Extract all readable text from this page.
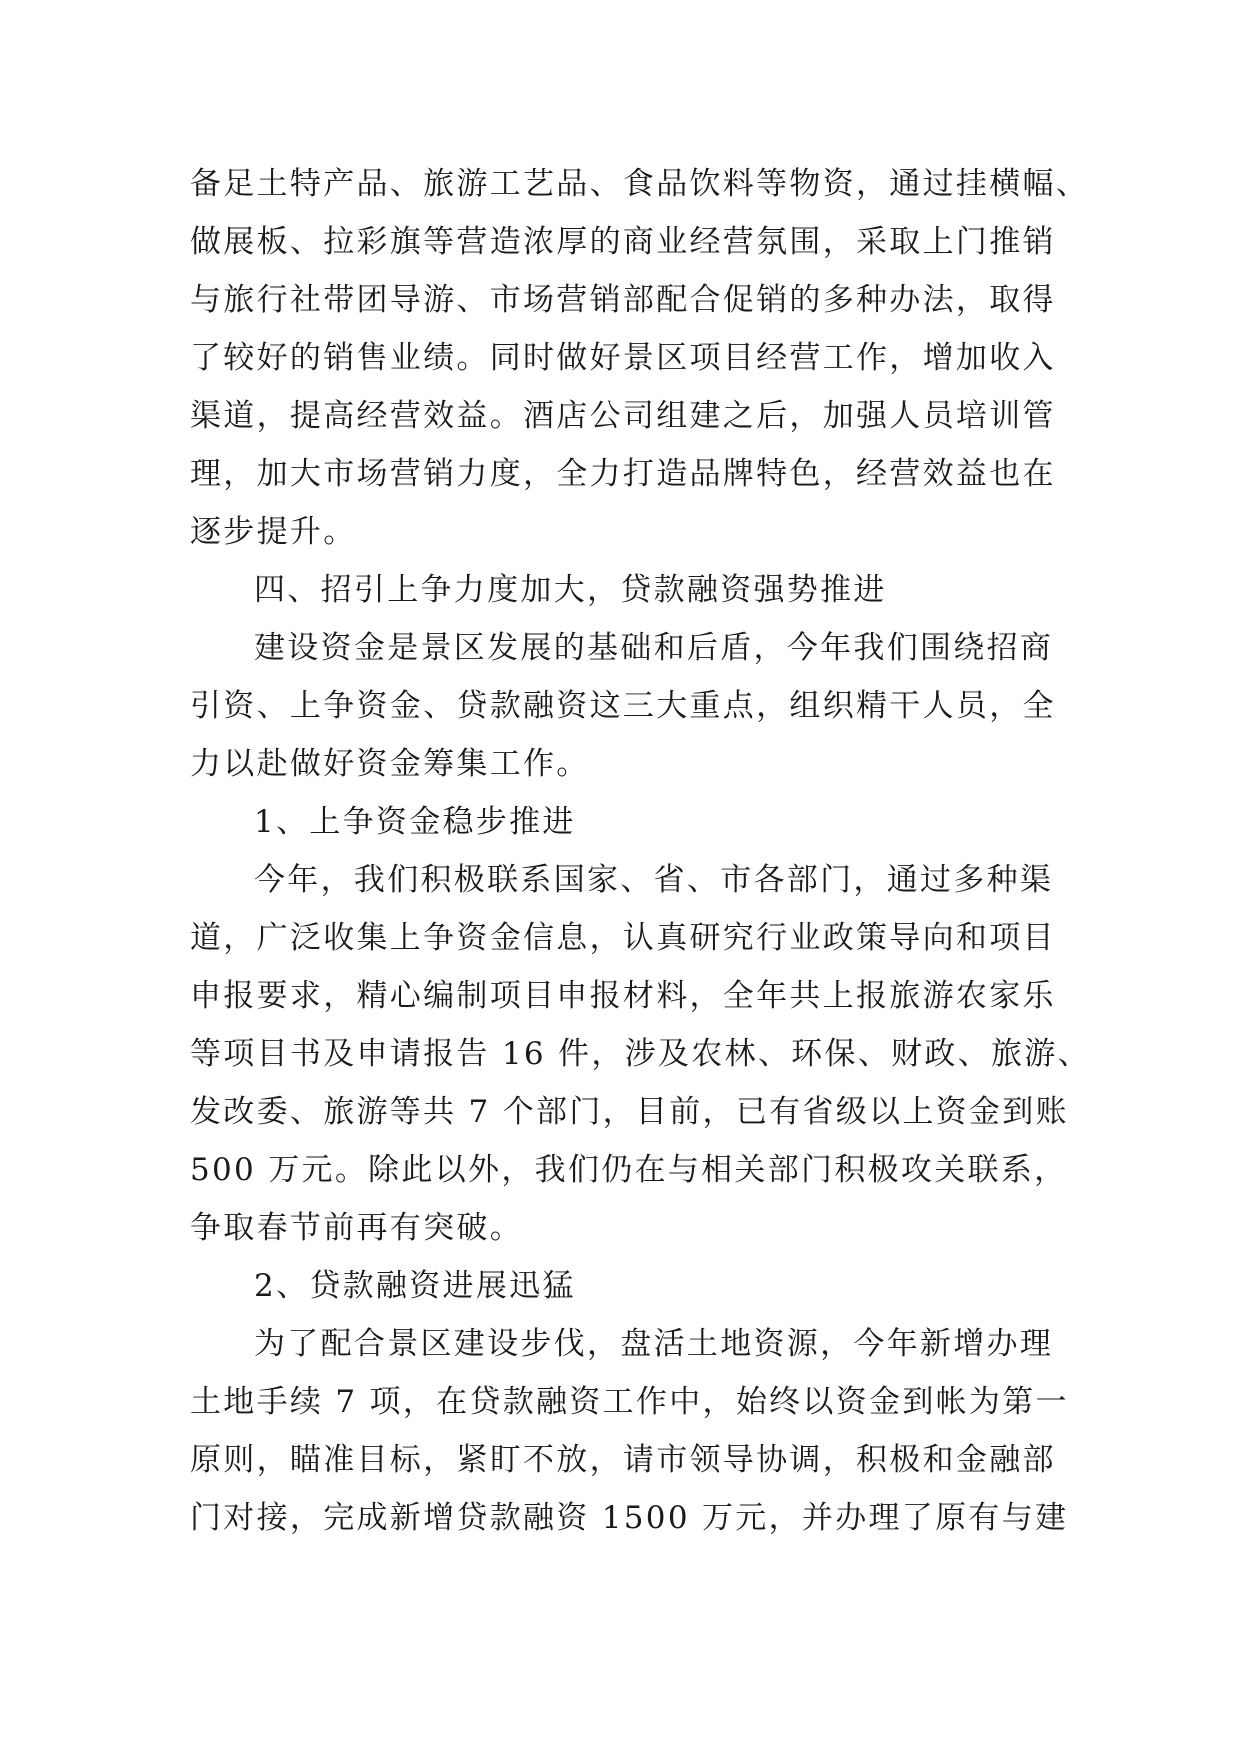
备足土特产品、旅游工艺品、食品饮料等物资，通过挂横幅、
做展板、拉彩旗等营造浓厚的商业经营氛围，采取上门推销
与旅行社带团导游、市场营销部配合促销的多种办法，取得
了较好的销售业绩。同时做好景区项目经营工作，增加收入
渠道，提高经营效益。酒店公司组建之后，加强人员培训管
理，加大市场营销力度，全力打造品牌特色，经营效益也在
逐步提升。
四、招引上争力度加大，贷款融资强势推进
建设资金是景区发展的基础和后盾，今年我们围绕招商
引资、上争资金、贷款融资这三大重点，组织精干人员，全
力以赴做好资金筹集工作。
1、上争资金稳步推进
今年，我们积极联系国家、省、市各部门，通过多种渠
道，广泛收集上争资金信息，认真研究行业政策导向和项目
申报要求，精心编制项目申报材料，全年共上报旅游农家乐
等项目书及申请报告 16 件，涉及农林、环保、财政、旅游、
发改委、旅游等共 7 个部门，目前，已有省级以上资金到账
500 万元。除此以外，我们仍在与相关部门积极攻关联系，
争取春节前再有突破。
2、贷款融资进展迅猛
为了配合景区建设步伐，盘活土地资源，今年新增办理
土地手续 7 项，在贷款融资工作中，始终以资金到帐为第一
原则，瞄准目标，紧盯不放，请市领导协调，积极和金融部
门对接，完成新增贷款融资 1500 万元，并办理了原有与建
